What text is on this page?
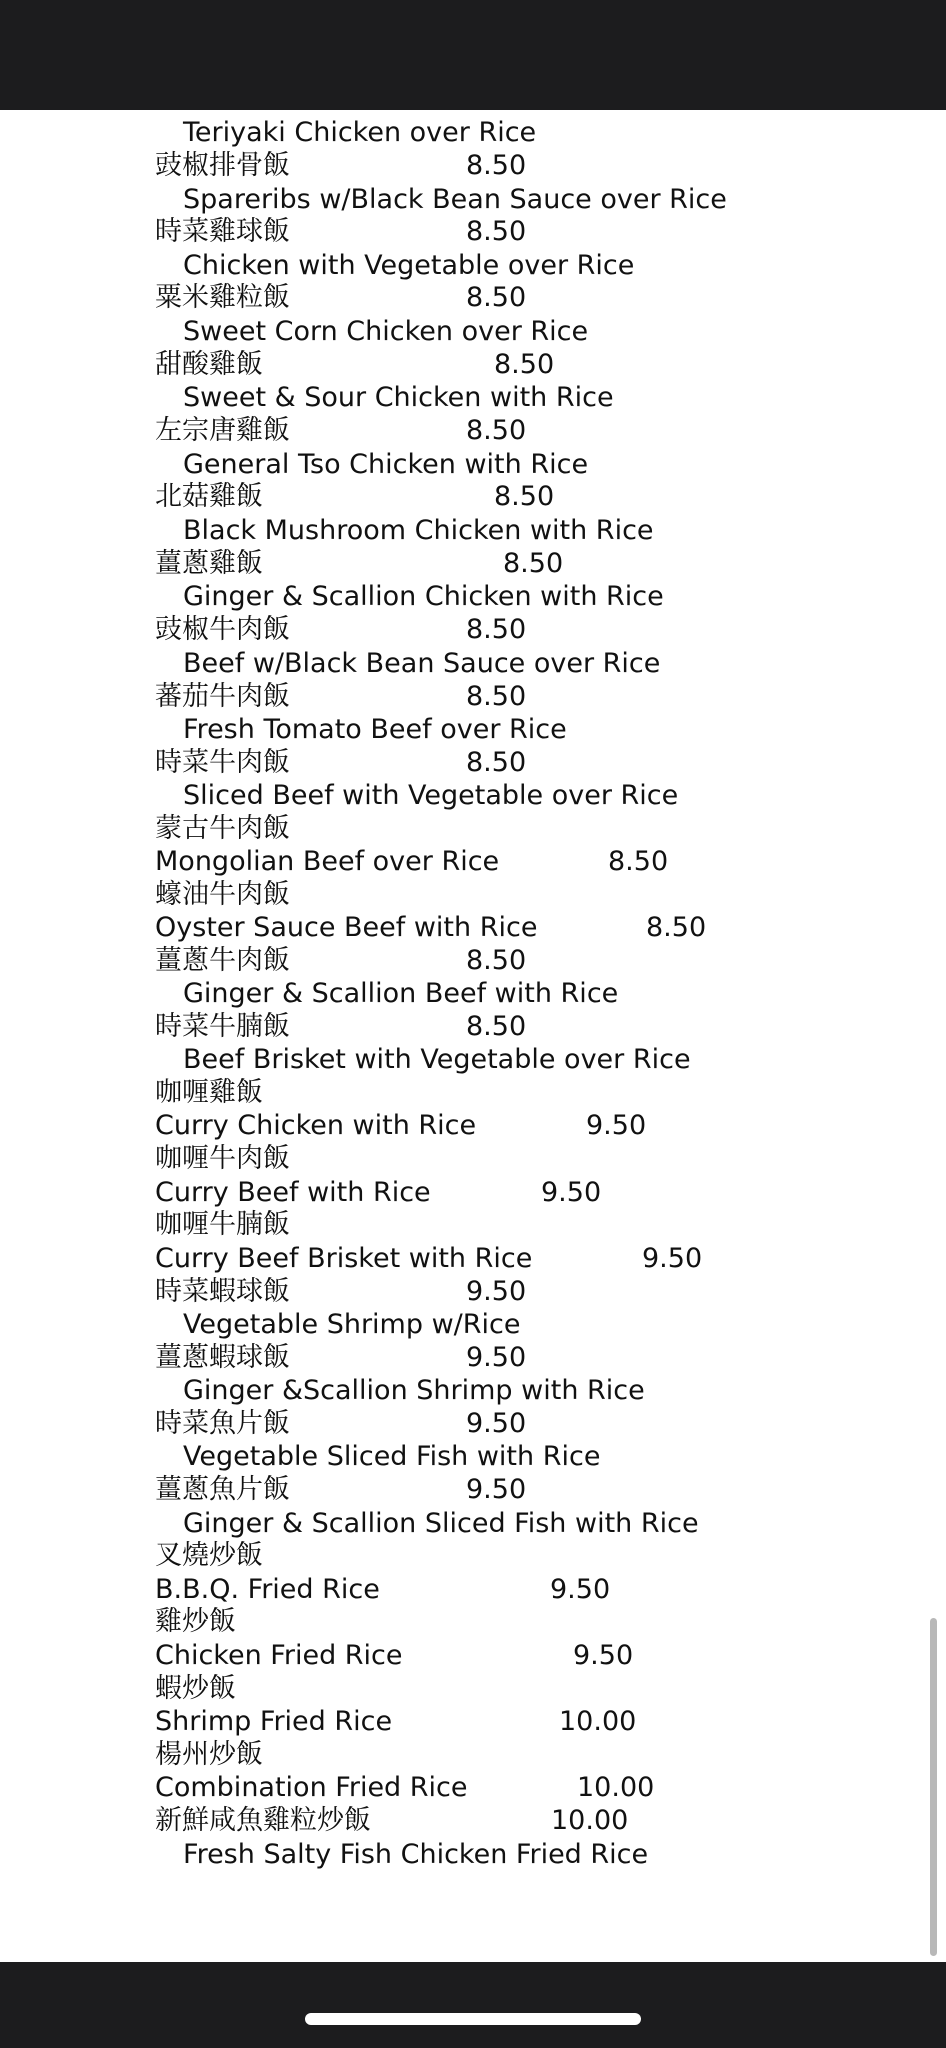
Teriyaki Chicken over Rice
豉椒排骨飯	8.50
Spareribs w/Black Bean Sauce over Rice
時菜雞球飯	8.50
Chicken with Vegetable over Rice
粟米雞粒飯	8.50
Sweet Corn Chicken over Rice
甜酸雞飯	8.50
Sweet & Sour Chicken with Rice
左宗唐雞飯	8.50
General Tso Chicken with Rice
北菇雞飯	8.50
Black Mushroom Chicken with Rice
薑蔥雞飯	8.50
Ginger & Scallion Chicken with Rice
豉椒牛肉飯	8.50
Beef w/Black Bean Sauce over Rice
蕃茄牛肉飯	8.50
Fresh Tomato Beef over Rice
時菜牛肉飯	8.50
Sliced Beef with Vegetable over Rice
蒙古牛肉飯
Mongolian Beef over Rice	8.50
蠔油牛肉飯
Oyster Sauce Beef with Rice	8.50
薑蔥牛肉飯	8.50
Ginger & Scallion Beef with Rice
時菜牛腩飯	8.50
Beef Brisket with Vegetable over Rice
咖喱雞飯
Curry Chicken with Rice	9.50
咖喱牛肉飯
Curry Beef with Rice	9.50
咖喱牛腩飯
Curry Beef Brisket with Rice	9.50
時菜蝦球飯	9.50
Vegetable Shrimp w/Rice
薑蔥蝦球飯	9.50
Ginger &Scallion Shrimp with Rice
時菜魚片飯	9.50
Vegetable Sliced Fish with Rice
薑蔥魚片飯	9.50
Ginger & Scallion Sliced Fish with Rice
叉燒炒飯
B.B.Q. Fried Rice	9.50
雞炒飯
Chicken Fried Rice	9.50
蝦炒飯
Shrimp Fried Rice	10.00
楊州炒飯
Combination Fried Rice	10.00
新鮮咸魚雞粒炒飯	10.00
Fresh Salty Fish Chicken Fried Rice
